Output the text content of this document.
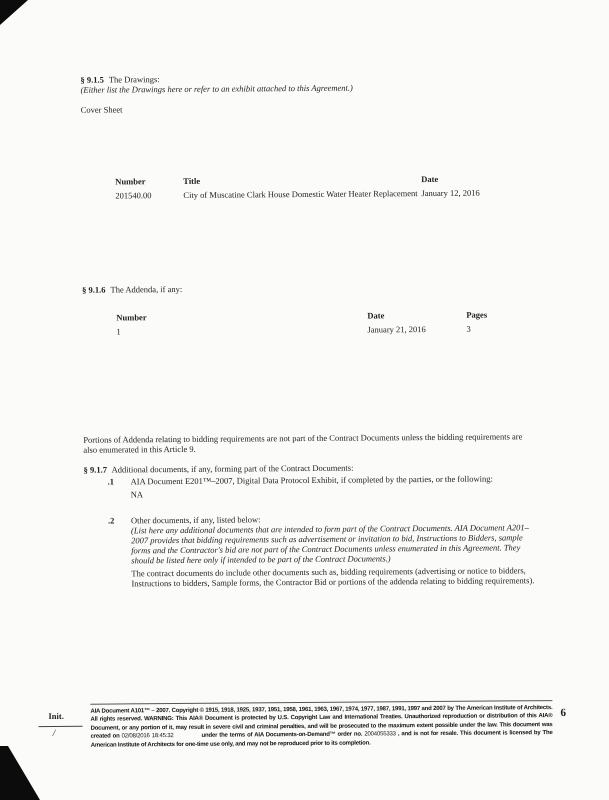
§ 9.1.5 The Drawings:
(Either list the Drawings here or refer to an exhibit attached to this Agreement.)
Cover Sheet
Number	Title	Date
201540.00	City of Muscatine Clark House Domestic Water Heater Replacement January 12, 2016
§ 9.1.6 The Addenda, if any:
Number	Date	Pages
1	January 21, 2016	3
Portions of Addenda relating to bidding requirements are not part of the Contract Documents unless the bidding requirements are also enumerated in this Article 9.
§ 9.1.7 Additional documents, if any, forming part of the Contract Documents:
.1	AIA Document E201™–2007, Digital Data Protocol Exhibit, if completed by the parties, or the following:
NA
.2	Other documents, if any, listed below:
(List here any additional documents that are intended to form part of the Contract Documents. AIA Document A201–2007 provides that bidding requirements such as advertisement or invitation to bid, Instructions to Bidders, sample forms and the Contractor's bid are not part of the Contract Documents unless enumerated in this Agreement. They should be listed here only if intended to be part of the Contract Documents.)
The contract documents do include other documents such as, bidding requirements (advertising or notice to bidders, Instructions to bidders, Sample forms, the Contractor Bid or portions of the addenda relating to bidding requirements).
Init.
/
AIA Document A101™ – 2007. Copyright © 1915, 1918, 1925, 1937, 1951, 1958, 1961, 1963, 1967, 1974, 1977, 1987, 1991, 1997 and 2007 by The American Institute of Architects. All rights reserved. WARNING: This AIA® Document is protected by U.S. Copyright Law and International Treaties. Unauthorized reproduction or distribution of this AIA® Document, or any portion of it, may result in severe civil and criminal penalties, and will be prosecuted to the maximum extent possible under the law. This document was created on 02/08/2016 18:45:32	under the terms of AIA Documents-on-Demand™ order no. 2004055333 , and is not for resale. This document is licensed by The American Institute of Architects for one-time use only, and may not be reproduced prior to its completion.
6
